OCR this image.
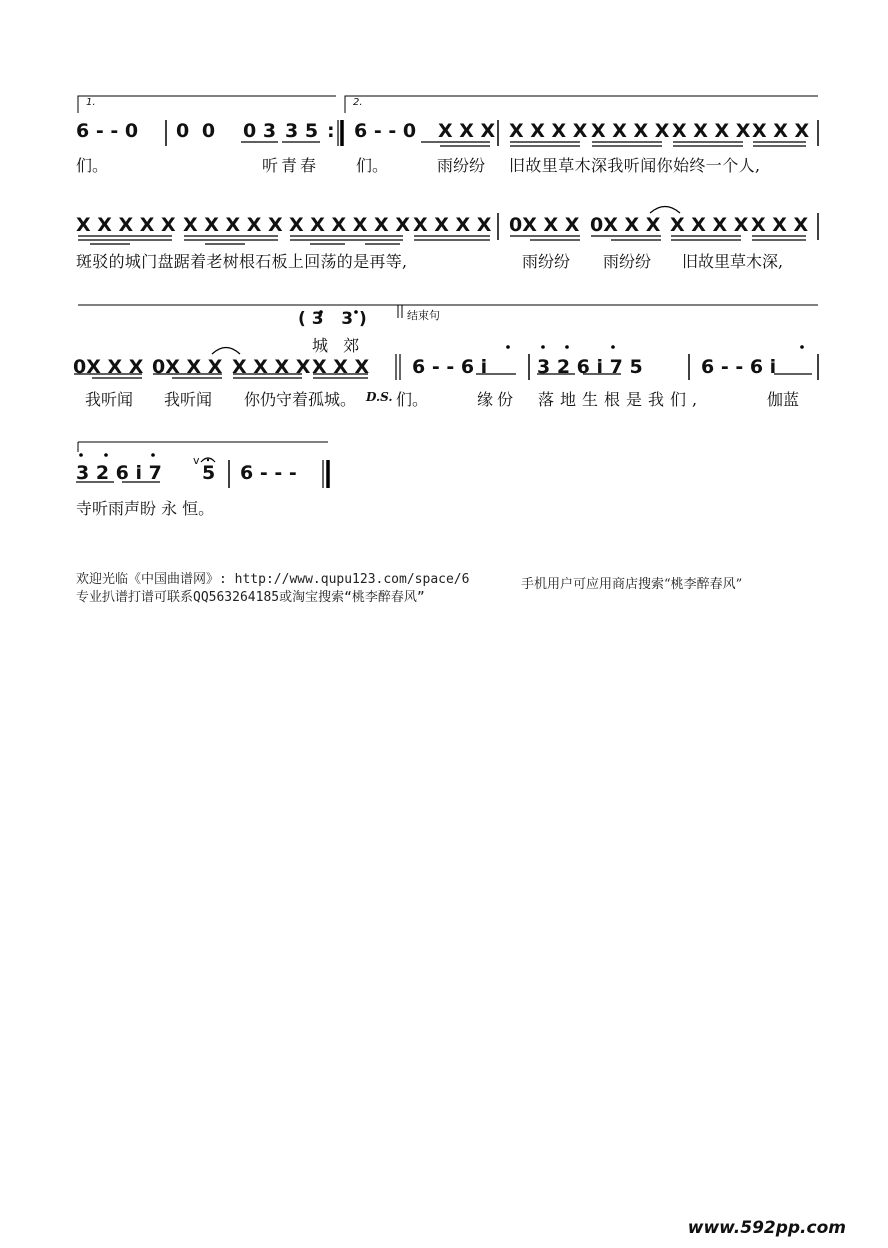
1.	2.
6 - - 0 0 0 0 3 3 5 : 6 - - 0 X X X X X X X X X X X X X X X X X X
们。	听青春 们。	雨纷纷 旧故里草木深我听闻你始终一个人,
X X X X X X X X X X X X X X X X X X X X 0X X X 0X X X X X X X X X X
斑驳的城门盘踞着老树根石板上回荡的是再等,	雨纷纷 雨纷纷 旧故里草木深,
( 3   3 )
城   郊
结束句
0X X X 0X X X X X X X X X X 6 - - 6 i	3 2 6 i 7 5	6 - - 6 i
我听闻 我听闻 你仍守着孤城。 D.S. 们。	缘份 落地生根是我们,	伽蓝
3 2 6 i 7
v
5 6 - - -
寺听雨声盼 永 恒。
欢迎光临《中国曲谱网》: http://www.qupu123.com/space/6	手机用户可应用商店搜索“桃李醉春风”
专业扒谱打谱可联系QQ563264185或淘宝搜索“桃李醉春风”
www.592pp.com
